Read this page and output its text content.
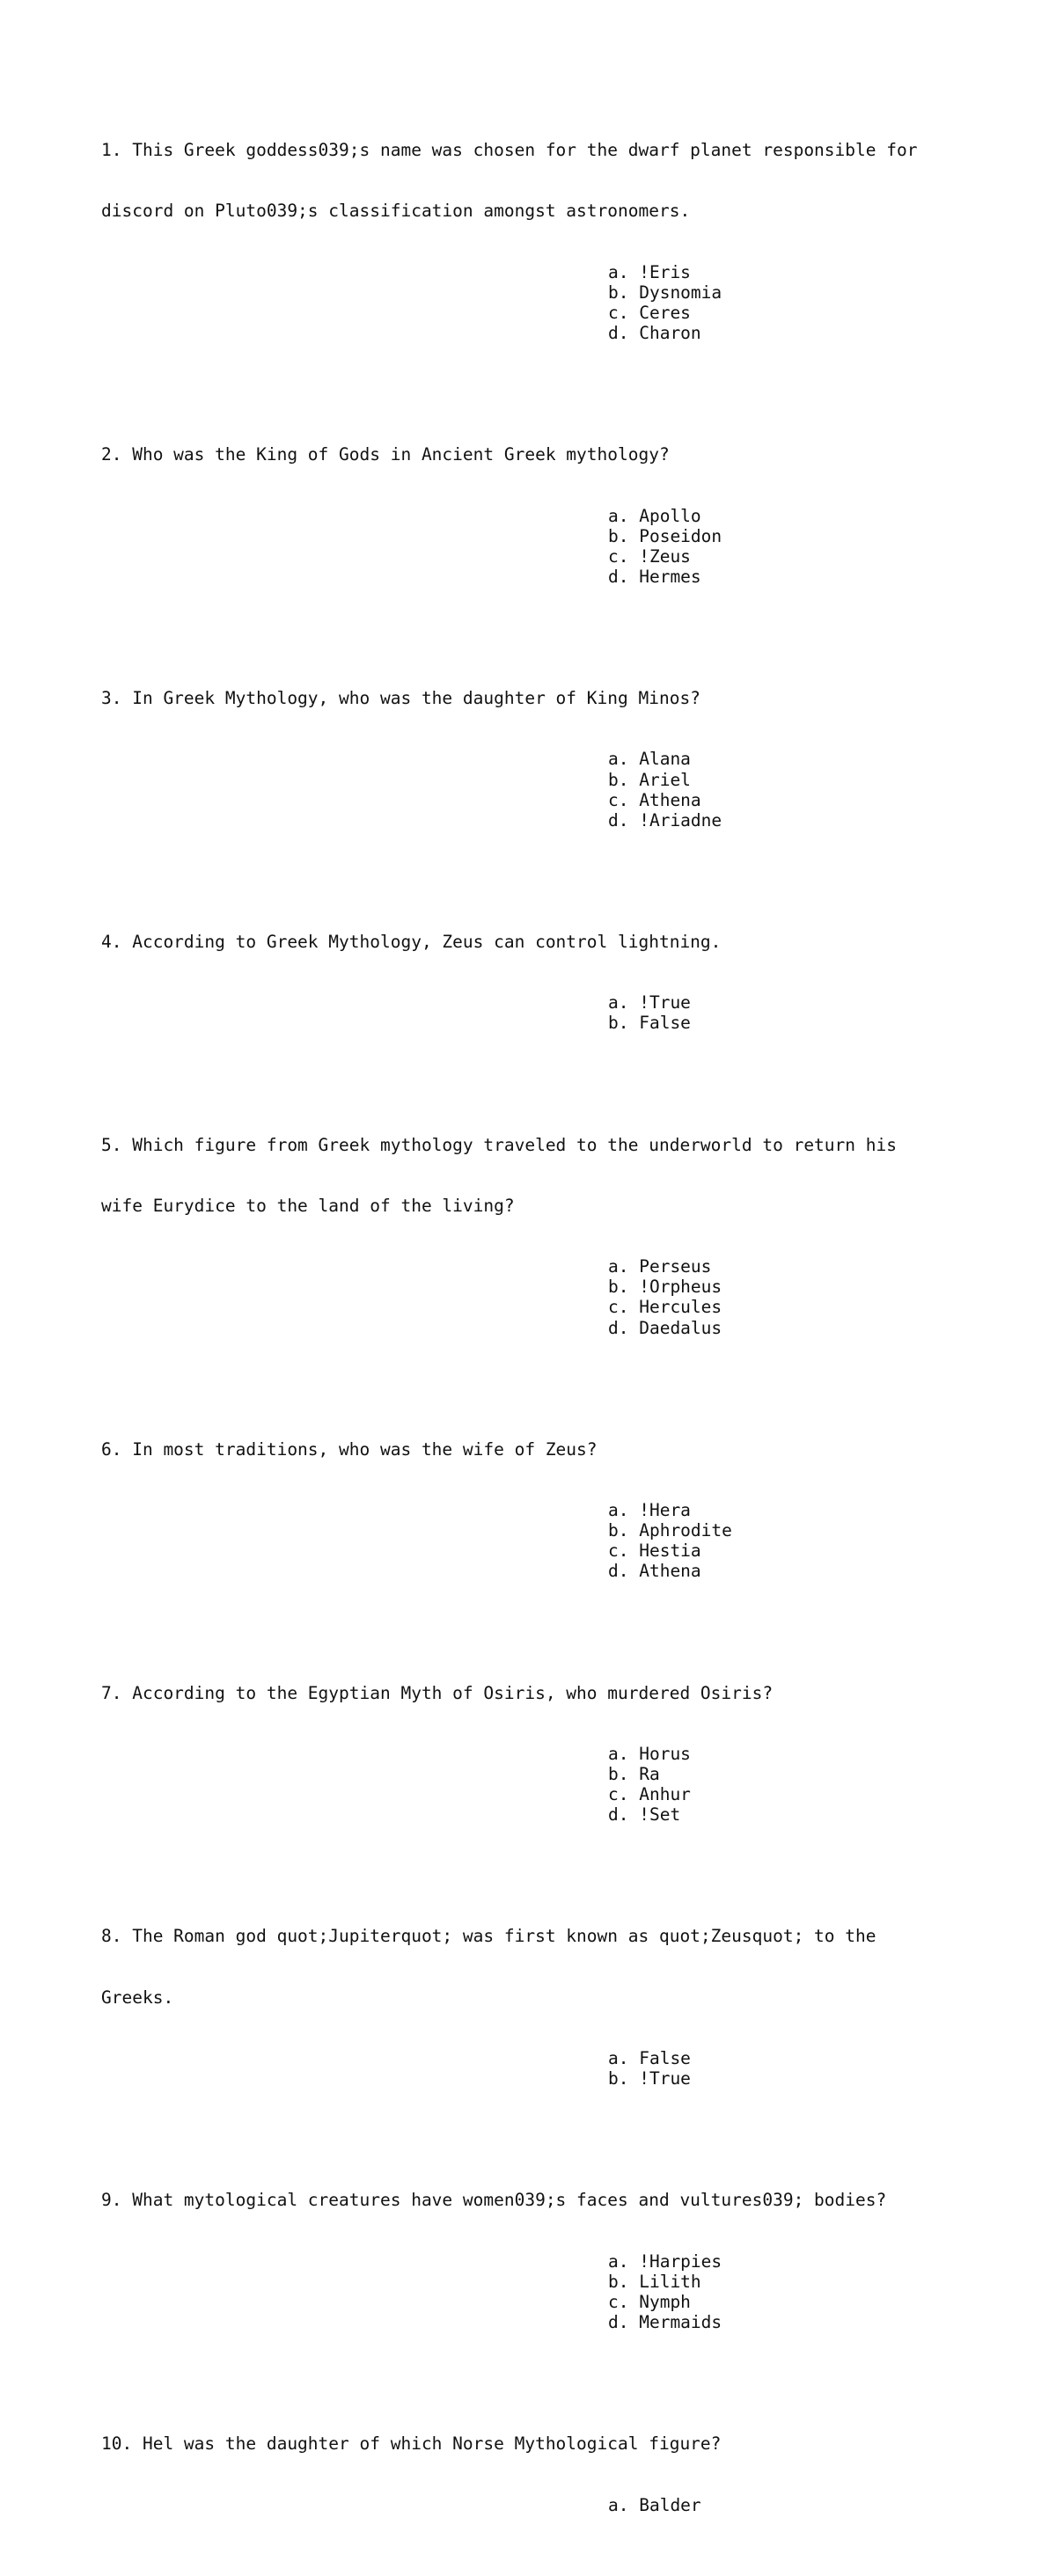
1. This Greek goddess039;s name was chosen for the dwarf planet responsible for

discord on Pluto039;s classification amongst astronomers.

a. !Eris
b. Dysnomia
c. Ceres
d. Charon

2. Who was the King of Gods in Ancient Greek mythology?

a. Apollo
b. Poseidon
c. !Zeus
d. Hermes

3. In Greek Mythology, who was the daughter of King Minos?

a. Alana
b. Ariel
c. Athena
d. !Ariadne

4. According to Greek Mythology, Zeus can control lightning.

a. !True
b. False

5. Which figure from Greek mythology traveled to the underworld to return his

wife Eurydice to the land of the living?

a. Perseus
b. !Orpheus
c. Hercules
d. Daedalus

6. In most traditions, who was the wife of Zeus?

a. !Hera
b. Aphrodite
c. Hestia
d. Athena

7. According to the Egyptian Myth of Osiris, who murdered Osiris?

a. Horus
b. Ra
c. Anhur
d. !Set

8. The Roman god quot;Jupiterquot; was first known as quot;Zeusquot; to the

Greeks.

a. False
b. !True

9. What mytological creatures have women039;s faces and vultures039; bodies?

a. !Harpies
b. Lilith
c. Nymph
d. Mermaids

10. Hel was the daughter of which Norse Mythological figure?

a. Balder
